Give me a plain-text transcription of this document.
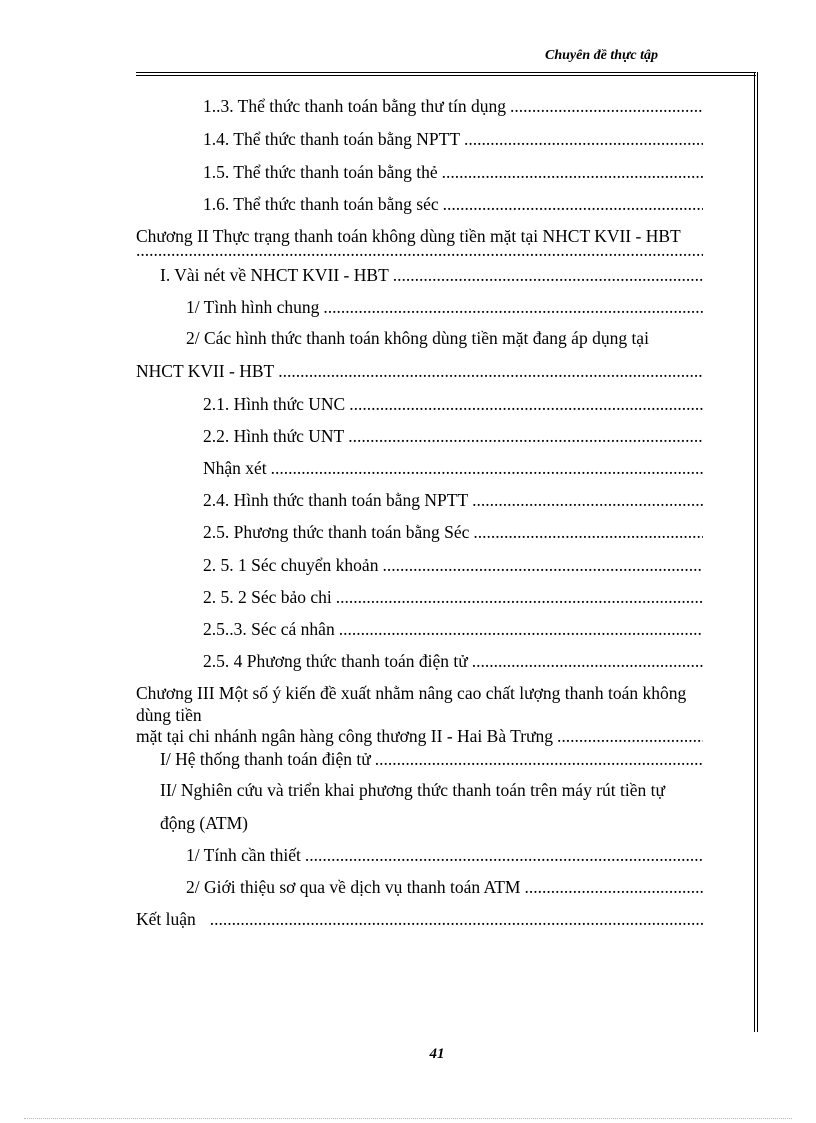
Chuyên đề thực tập
1..3. Thể thức thanh toán bằng thư tín dụng
.....
1.4. Thể thức thanh toán bằng NPTT
.....
1.5. Thể thức thanh toán bằng thẻ
.....
1.6. Thể thức thanh toán bằng séc
.....
Chương II Thực trạng thanh toán không dùng tiền mặt tại NHCT KVII - HBT
.....
I. Vài nét về NHCT KVII - HBT
.....
1/ Tình hình chung
.....
2/ Các hình thức thanh toán không dùng tiền mặt đang áp dụng tại
NHCT KVII - HBT
.....
2.1. Hình thức UNC
.....
2.2. Hình thức UNT
.....
Nhận xét
.....
2.4. Hình thức thanh toán bằng NPTT
.....
2.5. Phương thức thanh toán bằng Séc
.....
2. 5. 1 Séc chuyển khoản
.....
2. 5. 2 Séc bảo chi
.....
2.5..3. Séc cá nhân
.....
2.5. 4 Phương thức thanh toán điện tử
.....
Chương III Một số ý kiến đề xuất nhằm nâng cao chất lượng thanh toán không
dùng tiền
mặt tại chi nhánh ngân hàng công thương II - Hai Bà Trưng
.....
I/ Hệ thống thanh toán điện tử
.....
II/ Nghiên cứu và triển khai phương thức thanh toán trên máy rút tiền tự
động (ATM)
1/ Tính cần thiết
.....
2/ Giới thiệu sơ qua về dịch vụ thanh toán ATM
.....
Kết luận
.....
41
